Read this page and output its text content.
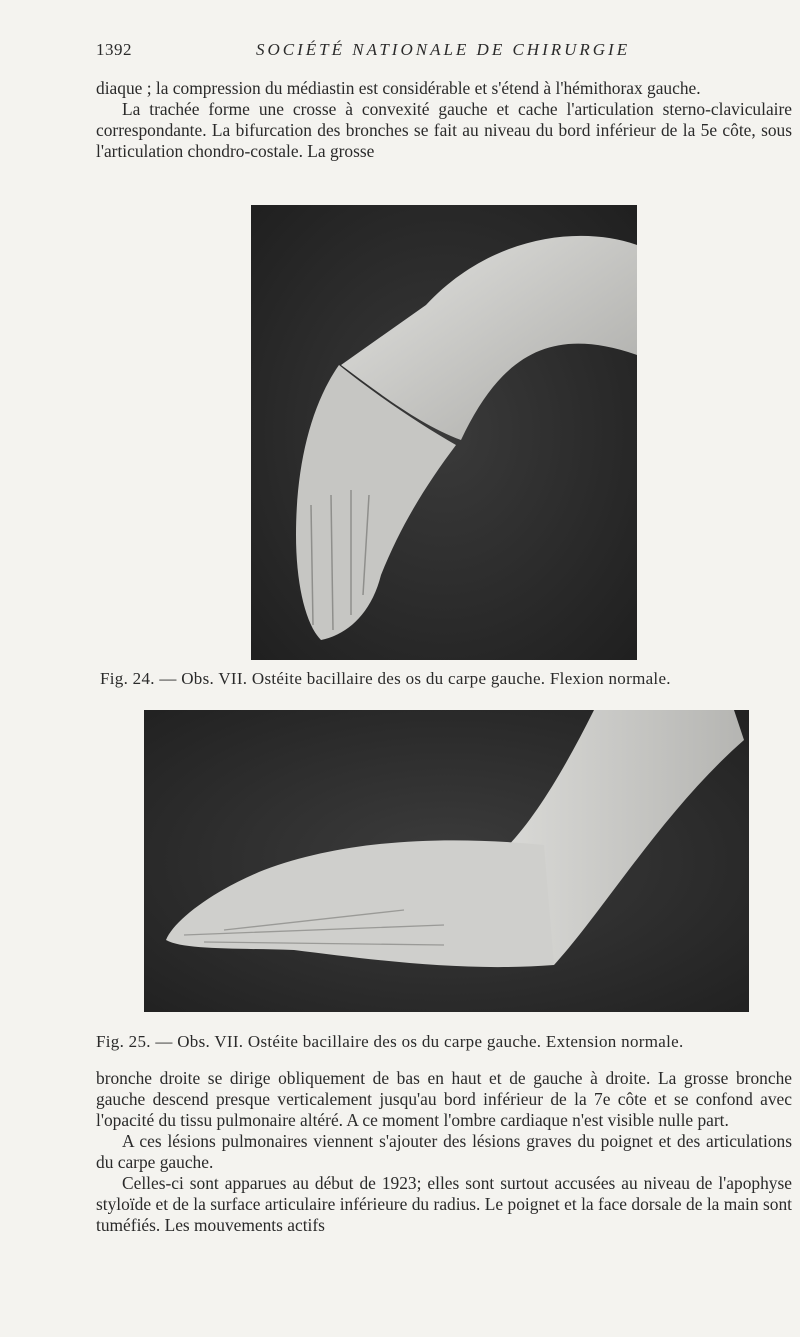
1392	SOCIÉTÉ NATIONALE DE CHIRURGIE

diaque ; la compression du médiastin est considérable et s'étend à l'hémithorax gauche.

La trachée forme une crosse à convexité gauche et cache l'articulation sterno-claviculaire correspondante. La bifurcation des bronches se fait au niveau du bord inférieur de la 5e côte, sous l'articulation chondro-costale. La grosse

Fig. 24. — Obs. VII. Ostéite bacillaire des os du carpe gauche. Flexion normale.
Fig. 25. — Obs. VII. Ostéite bacillaire des os du carpe gauche. Extension normale.

bronche droite se dirige obliquement de bas en haut et de gauche à droite. La grosse bronche gauche descend presque verticalement jusqu'au bord inférieur de la 7e côte et se confond avec l'opacité du tissu pulmonaire altéré. A ce moment l'ombre cardiaque n'est visible nulle part.

A ces lésions pulmonaires viennent s'ajouter des lésions graves du poignet et des articulations du carpe gauche.

Celles-ci sont apparues au début de 1923; elles sont surtout accusées au niveau de l'apophyse styloïde et de la surface articulaire inférieure du radius. Le poignet et la face dorsale de la main sont tuméfiés. Les mouvements actifs
